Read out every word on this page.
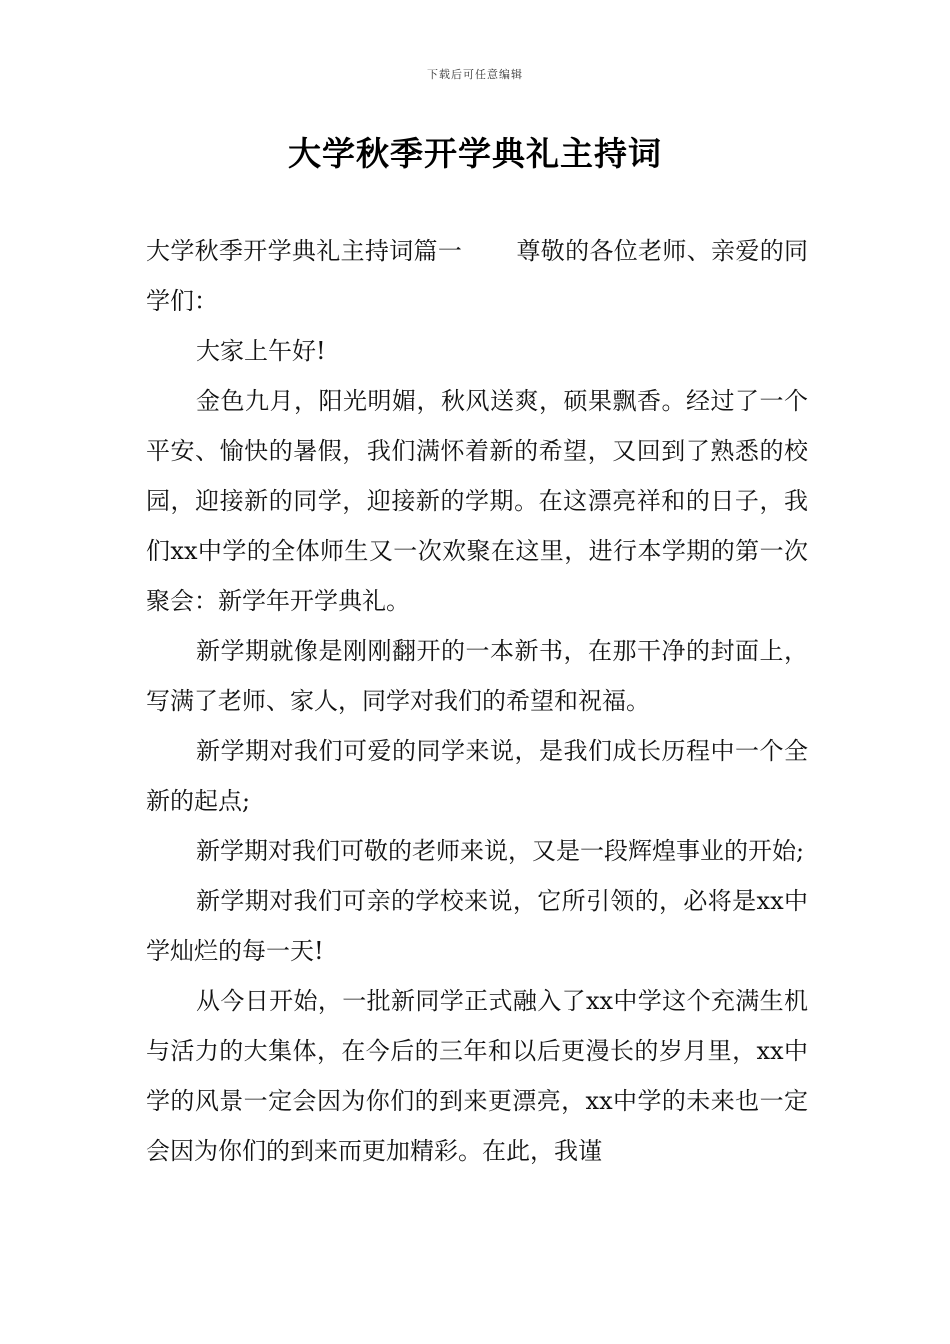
下载后可任意编辑
大学秋季开学典礼主持词

大学秋季开学典礼主持词篇一 尊敬的各位老师、亲爱的同学们：

大家上午好!

金色九月，阳光明媚，秋风送爽，硕果飘香。经过了一个平安、愉快的暑假，我们满怀着新的希望，又回到了熟悉的校园，迎接新的同学，迎接新的学期。在这漂亮祥和的日子，我们xx中学的全体师生又一次欢聚在这里，进行本学期的第一次聚会：新学年开学典礼。

新学期就像是刚刚翻开的一本新书，在那干净的封面上，写满了老师、家人，同学对我们的希望和祝福。

新学期对我们可爱的同学来说，是我们成长历程中一个全新的起点;

新学期对我们可敬的老师来说，又是一段辉煌事业的开始;

新学期对我们可亲的学校来说，它所引领的，必将是xx中学灿烂的每一天!

从今日开始，一批新同学正式融入了xx中学这个充满生机与活力的大集体，在今后的三年和以后更漫长的岁月里，xx中学的风景一定会因为你们的到来更漂亮，xx中学的未来也一定会因为你们的到来而更加精彩。在此，我谨
